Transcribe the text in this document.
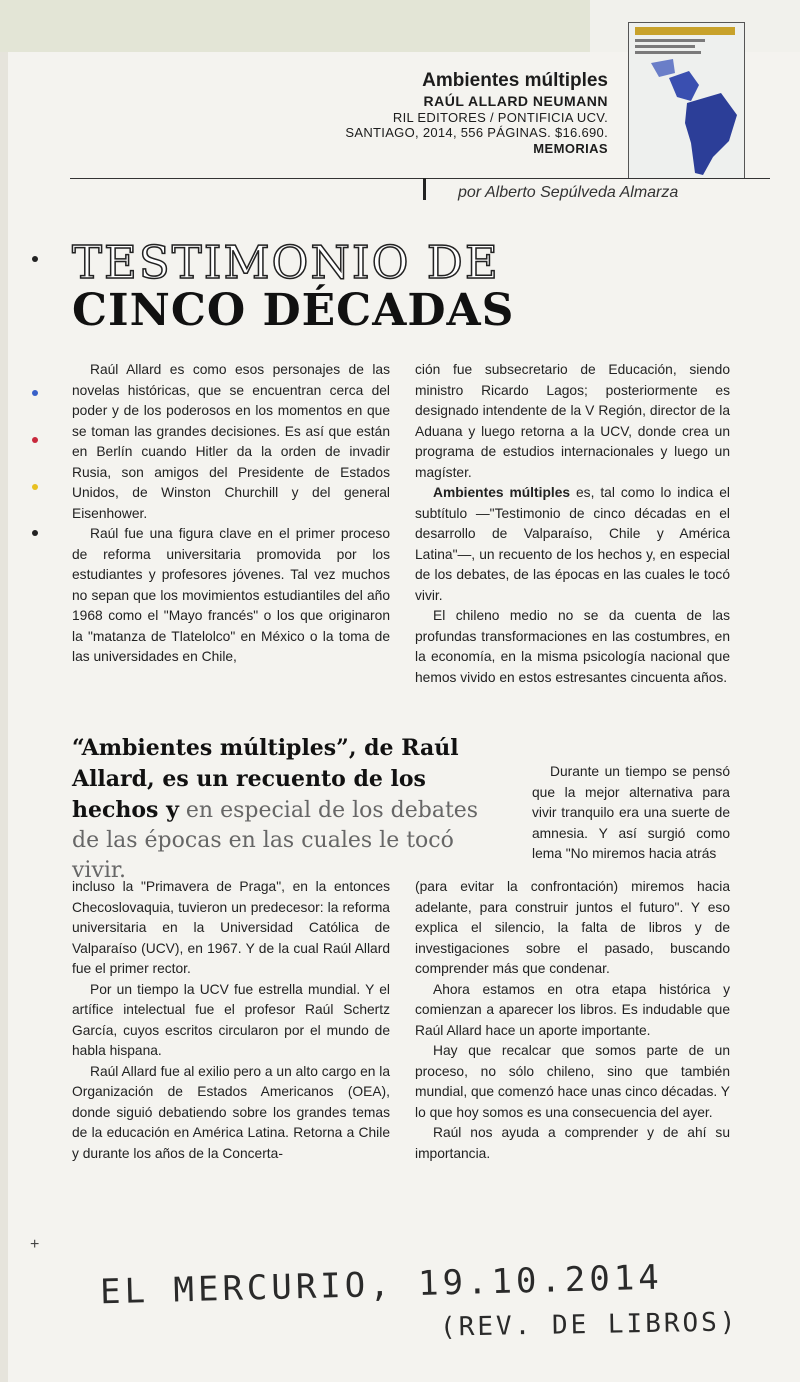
Ambientes múltiples
RAÚL ALLARD NEUMANN
RIL EDITORES / PONTIFICIA UCV.
SANTIAGO, 2014, 556 PÁGINAS. $16.690.
MEMORIAS
por Alberto Sepúlveda Almarza
TESTIMONIO DE
CINCO DÉCADAS

Raúl Allard es como esos personajes de las novelas históricas, que se encuentran cerca del poder y de los poderosos en los momentos en que se toman las grandes decisiones. Es así que están en Berlín cuando Hitler da la orden de invadir Rusia, son amigos del Presidente de Estados Unidos, de Winston Churchill y del general Eisenhower.

Raúl fue una figura clave en el primer proceso de reforma universitaria promovida por los estudiantes y profesores jóvenes. Tal vez muchos no sepan que los movimientos estudiantiles del año 1968 como el "Mayo francés" o los que originaron la "matanza de Tlatelolco" en México o la toma de las universidades en Chile,

ción fue subsecretario de Educación, siendo ministro Ricardo Lagos; posteriormente es designado intendente de la V Región, director de la Aduana y luego retorna a la UCV, donde crea un programa de estudios internacionales y luego un magíster.

Ambientes múltiples es, tal como lo indica el subtítulo —"Testimonio de cinco décadas en el desarrollo de Valparaíso, Chile y América Latina"—, un recuento de los hechos y, en especial de los debates, de las épocas en las cuales le tocó vivir.

El chileno medio no se da cuenta de las profundas transformaciones en las costumbres, en la economía, en la misma psicología nacional que hemos vivido en estos estresantes cincuenta años.

“Ambientes múltiples”, de Raúl Allard, es un recuento de los hechos y en especial de los debates de las épocas en las cuales le tocó vivir.

Durante un tiempo se pensó que la mejor alternativa para vivir tranquilo era una suerte de amnesia. Y así surgió como lema "No miremos hacia atrás

incluso la "Primavera de Praga", en la entonces Checoslovaquia, tuvieron un predecesor: la reforma universitaria en la Universidad Católica de Valparaíso (UCV), en 1967. Y de la cual Raúl Allard fue el primer rector.

Por un tiempo la UCV fue estrella mundial. Y el artífice intelectual fue el profesor Raúl Schertz García, cuyos escritos circularon por el mundo de habla hispana.

Raúl Allard fue al exilio pero a un alto cargo en la Organización de Estados Americanos (OEA), donde siguió debatiendo sobre los grandes temas de la educación en América Latina. Retorna a Chile y durante los años de la Concerta-

(para evitar la confrontación) miremos hacia adelante, para construir juntos el futuro". Y eso explica el silencio, la falta de libros y de investigaciones sobre el pasado, buscando comprender más que condenar.

Ahora estamos en otra etapa histórica y comienzan a aparecer los libros. Es indudable que Raúl Allard hace un aporte importante.

Hay que recalcar que somos parte de un proceso, no sólo chileno, sino que también mundial, que comenzó hace unas cinco décadas. Y lo que hoy somos es una consecuencia del ayer.

Raúl nos ayuda a comprender y de ahí su importancia.

+
EL MERCURIO, 19.10.2014
(REV. DE LIBROS)
